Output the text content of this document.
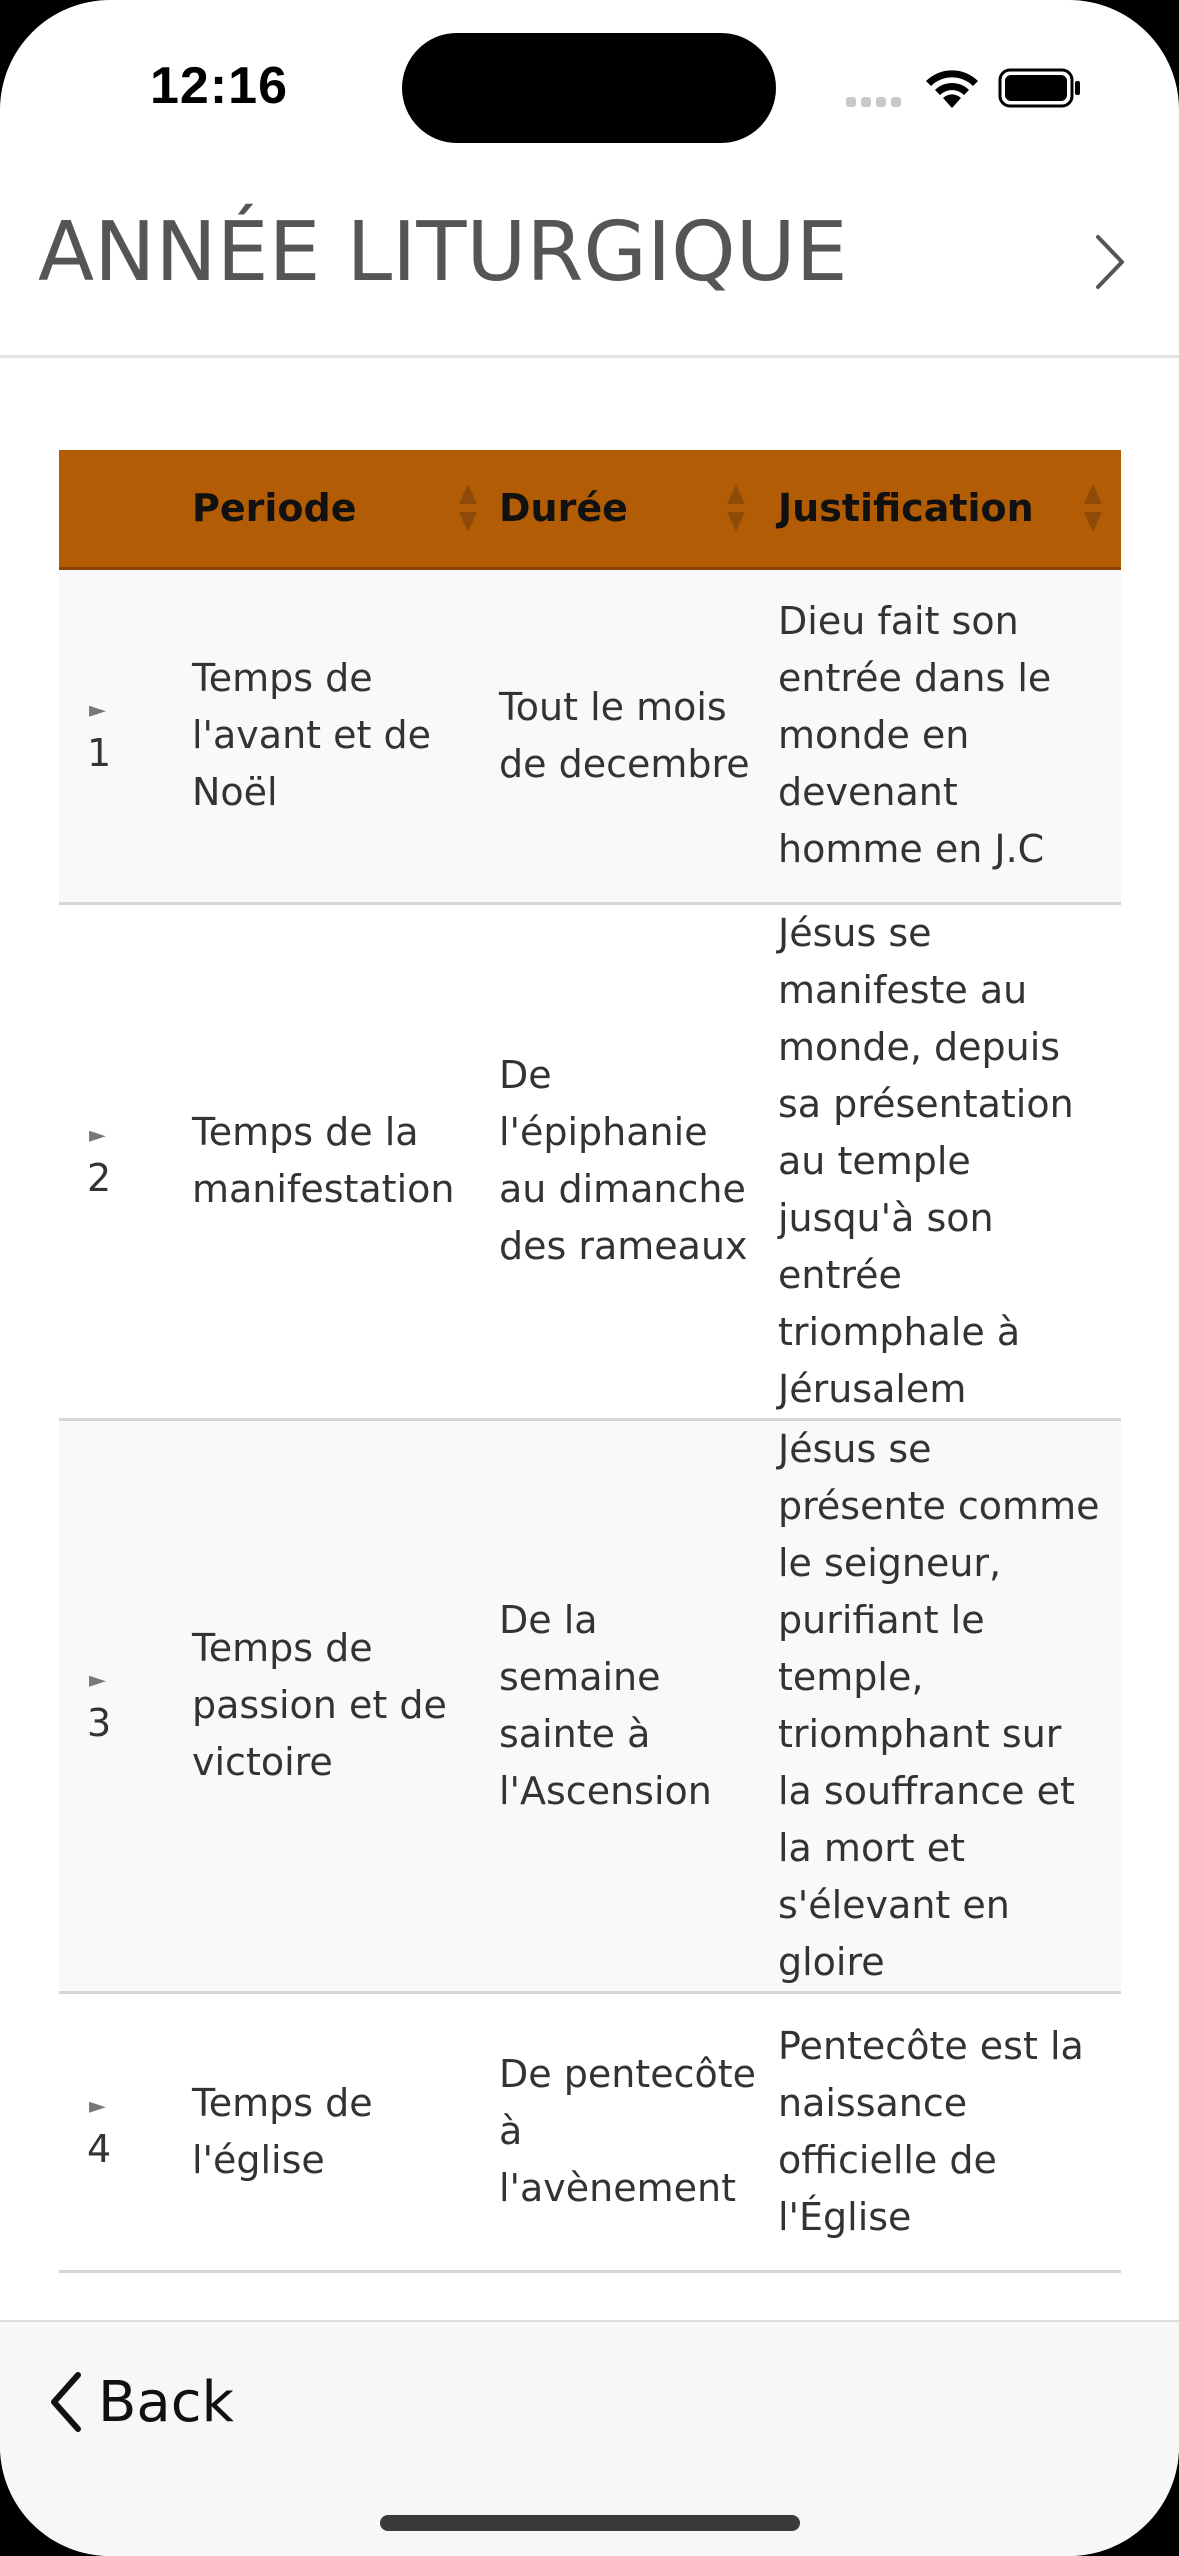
12:16
ANNÉE LITURGIQUE

	Periode	Durée	Justification

►
1	Temps de l'avant et de Noël	Tout le mois de decembre	Dieu fait son entrée dans le monde en devenant homme en J.C

►
2	Temps de la manifestation	De l'épiphanie au dimanche des rameaux	Jésus se manifeste au monde, depuis sa présentation au temple jusqu'à son entrée triomphale à Jérusalem

►
3	Temps de passion et de victoire	De la semaine sainte à l'Ascension	Jésus se présente comme le seigneur, purifiant le temple, triomphant sur la souffrance et la mort et s'élevant en gloire

►
4	Temps de l'église	De pentecôte à l'avènement	Pentecôte est la naissance officielle de l'Église
Back
